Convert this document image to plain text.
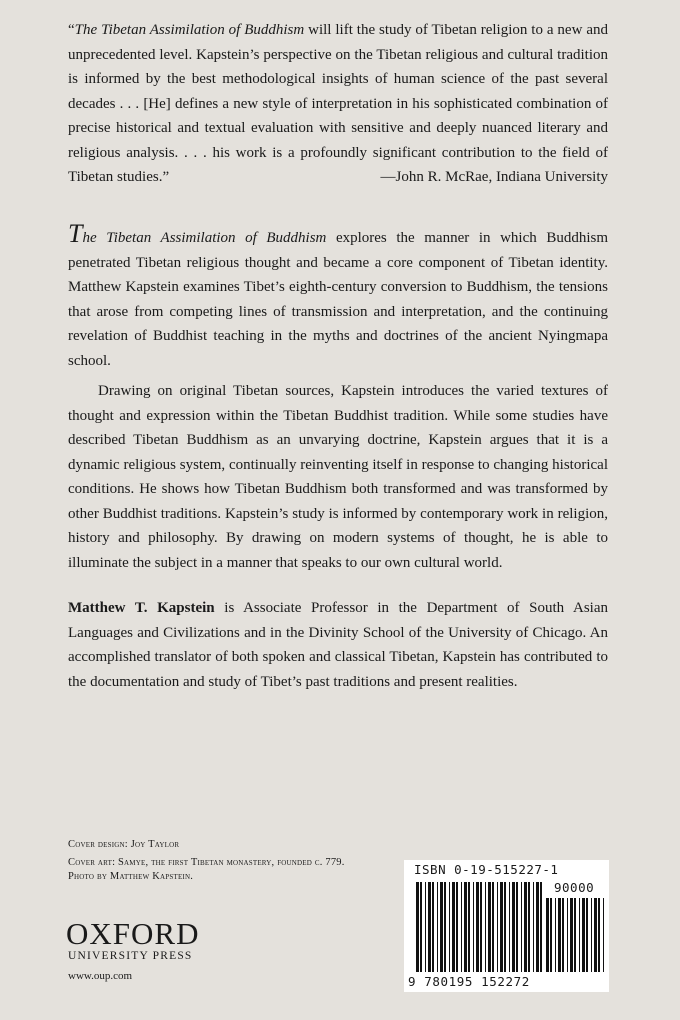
“The Tibetan Assimilation of Buddhism will lift the study of Tibetan religion to a new and unprecedented level. Kapstein’s perspective on the Tibetan religious and cultural tradition is informed by the best methodological insights of human science of the past several decades . . . [He] defines a new style of interpretation in his sophisticated combination of precise historical and textual evaluation with sensitive and deeply nuanced literary and religious analysis. . . . his work is a profoundly significant contribution to the field of Tibetan studies.”	—John R. McRae, Indiana University

The Tibetan Assimilation of Buddhism explores the manner in which Buddhism penetrated Tibetan religious thought and became a core component of Tibetan identity. Matthew Kapstein examines Tibet’s eighth-century conversion to Buddhism, the tensions that arose from competing lines of transmission and interpretation, and the continuing revelation of Buddhist teaching in the myths and doctrines of the ancient Nyingmapa school.

Drawing on original Tibetan sources, Kapstein introduces the varied textures of thought and expression within the Tibetan Buddhist tradition. While some studies have described Tibetan Buddhism as an unvarying doctrine, Kapstein argues that it is a dynamic religious system, continually reinventing itself in response to changing historical conditions. He shows how Tibetan Buddhism both transformed and was transformed by other Buddhist traditions. Kapstein’s study is informed by contemporary work in religion, history and philosophy. By drawing on modern systems of thought, he is able to illuminate the subject in a manner that speaks to our own cultural world.

Matthew T. Kapstein is Associate Professor in the Department of South Asian Languages and Civilizations and in the Divinity School of the University of Chicago. An accomplished translator of both spoken and classical Tibetan, Kapstein has contributed to the documentation and study of Tibet’s past traditions and present realities.

Cover design: Joy Taylor
Cover art: Samye, the first Tibetan monastery, founded c. 779. Photo by Matthew Kapstein.
OXFORD
UNIVERSITY PRESS
www.oup.com
ISBN 0-19-515227-1
90000
9 780195 152272
